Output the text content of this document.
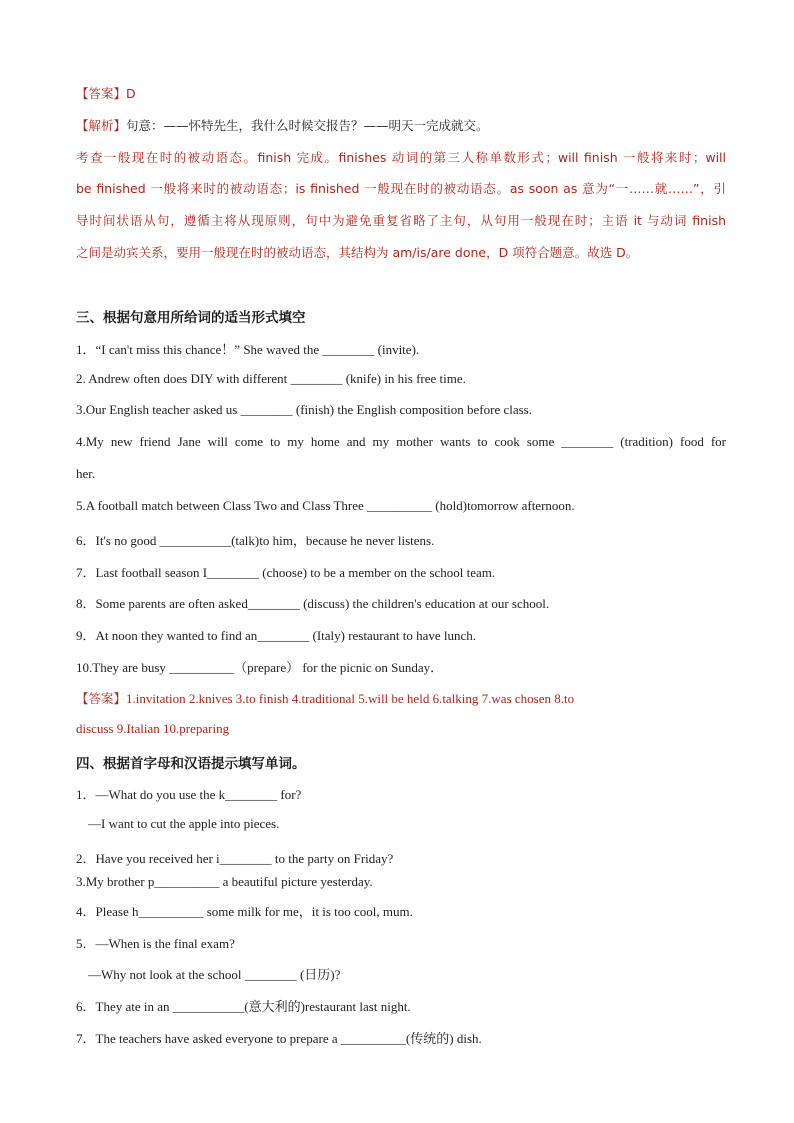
【答案】D
【解析】句意：——怀特先生，我什么时候交报告？——明天一完成就交。
考查一般现在时的被动语态。finish 完成。finishes 动词的第三人称单数形式；will finish 一般将来时；will
be finished 一般将来时的被动语态；is finished 一般现在时的被动语态。as soon as 意为“一……就……”，引
导时间状语从句，遵循主将从现原则，句中为避免重复省略了主句，从句用一般现在时；主语 it 与动词 finish
之间是动宾关系，要用一般现在时的被动语态，其结构为 am/is/are done，D 项符合题意。故选 D。
三、根据句意用所给词的适当形式填空
1．“I can't miss this chance！” She waved the ________ (invite).
2. Andrew often does DIY with different ________ (knife) in his free time.
3.Our English teacher asked us ________ (finish) the English composition before class.
4.My new friend Jane will come to my home and my mother wants to cook some ________ (tradition) food for
her.
5.A football match between Class Two and Class Three __________ (hold)tomorrow afternoon.
6．It's no good ___________(talk)to him，because he never listens.
7．Last football season I________ (choose) to be a member on the school team.
8．Some parents are often asked________ (discuss) the children's education at our school.
9．At noon they wanted to find an________ (Italy) restaurant to have lunch.
10.They are busy __________（prepare） for the picnic on Sunday．
【答案】1.invitation 2.knives 3.to finish 4.traditional 5.will be held 6.talking 7.was chosen 8.to
discuss 9.Italian 10.preparing
四、根据首字母和汉语提示填写单词。
1．—What do you use the k________ for?
—I want to cut the apple into pieces.
2．Have you received her i________ to the party on Friday?
3.My brother p__________ a beautiful picture yesterday.
4．Please h__________ some milk for me，it is too cool, mum.
5．—When is the final exam?
—Why not look at the school ________ (日历)?
6．They ate in an ___________(意大利的)restaurant last night.
7．The teachers have asked everyone to prepare a __________(传统的) dish.
